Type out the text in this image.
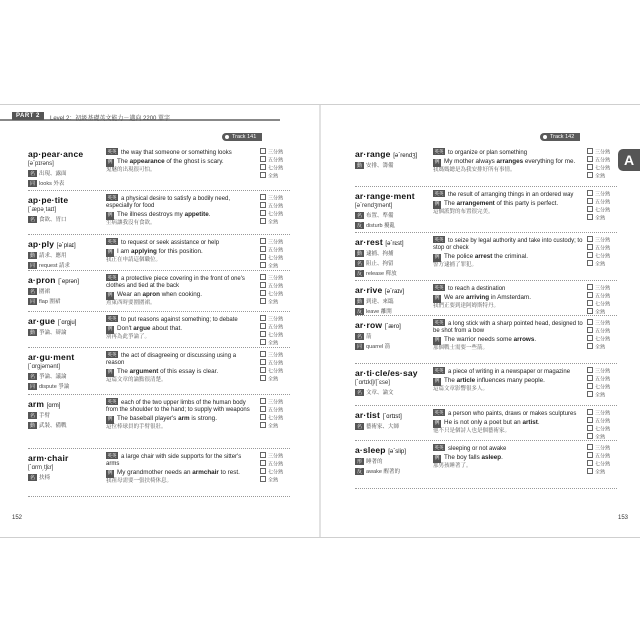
PART 2	Level 2：初級基礎英文能力－邁向 2200 單字
Track 141	Track 142
A
ap·pear·ance
[əˋpɪrəns]
名 出現、露面
同 looks 外表
英英 the way that someone or something looks
例 The appearance of the ghost is scary.
鬼魅的出現很可怕。
三分熟
五分熟
七分熟
全熟
ap·pe·tite
[ˋæpə͵taɪt]
名 食欲、胃口
英英 a physical desire to satisfy a bodily need, especially for food
例 The illness destroys my appetite.
生病讓我沒有食欲。
三分熟
五分熟
七分熟
全熟
ap·ply [əˋplaɪ]
動 請求、應用
同 request 請求
英英 to request or seek assistance or help
例 I am applying for this position.
我正在申請這個職位。
三分熟
五分熟
七分熟
全熟
a·pron [ˋeprən]
名 圍裙
同 flap 圍裙
英英 a protective piece covering in the front of one's clothes and tied at the back
例 Wear an apron when cooking.
煮東西時要圍圍裙。
三分熟
五分熟
七分熟
全熟
ar·gue [ˋɑrgju]
動 爭論、辯論
英英 to put reasons against something; to debate
例 Don't argue about that.
別再為此爭論了。
三分熟
五分熟
七分熟
全熟
ar·gu·ment
[ˋɑrgjəmənt]
名 爭論、議論
同 dispute 爭論
英英 the act of disagreeing or discussing using a reason
例 The argument of this essay is clear.
這篇文章的論點很清楚。
三分熟
五分熟
七分熟
全熟
arm [ɑrm]
名 手臂
動 武裝、備戰
英英 each of the two upper limbs of the human body from the shoulder to the hand; to supply with weapons
例 The baseball player's arm is strong.
這位棒球員的手臂很壯。
三分熟
五分熟
七分熟
全熟
arm·chair
[ˋɑrm͵tʃɛr]
名 扶椅
英英 a large chair with side supports for the sitter's arms
例 My grandmother needs an armchair to rest.
我祖母需要一張扶椅休息。
三分熟
五分熟
七分熟
全熟
ar·range [əˋrendʒ]
動 安排、籌備
英英 to organize or plan something
例 My mother always arranges everything for me.
我媽媽總是為我安排好所有事情。
三分熟
五分熟
七分熟
全熟
ar·range·ment
[əˋrendʒmənt]
名 布置、準備
反 disturb 擾亂
英英 the result of arranging things in an ordered way
例 The arrangement of this party is perfect.
這個派對的布置很完美。
三分熟
五分熟
七分熟
全熟
ar·rest [əˋrɛst]
動 逮捕、拘捕
名 阻止、拘留
反 release 釋放
英英 to seize by legal authority and take into custody; to stop or check
例 The police arrest the criminal.
警方逮捕了罪犯。
三分熟
五分熟
七分熟
全熟
ar·rive [əˋraɪv]
動 到達、來臨
反 leave 離開
英英 to reach a destination
例 We are arriving in Amsterdam.
我們正要到達阿姆斯特丹。
三分熟
五分熟
七分熟
全熟
ar·row [ˋæro]
名 箭
同 quarrel 箭
英英 a long stick with a sharp pointed head, designed to be shot from a bow
例 The warrior needs some arrows.
那個戰士需要一些箭。
三分熟
五分熟
七分熟
全熟
ar·ti·cle/es·say
[ˋɑrtɪkḷ]/[ˋɛse]
名 文章、論文
英英 a piece of writing in a newspaper or magazine
例 The article influences many people.
這篇文章影響很多人。
三分熟
五分熟
七分熟
全熟
ar·tist [ˋɑrtɪst]
名 藝術家、大師
英英 a person who paints, draws or makes sculptures
例 He is not only a poet but an artist.
他不只是個詩人也是個藝術家。
三分熟
五分熟
七分熟
全熟
a·sleep [əˋslip]
形 睡著的
反 awake 醒著的
英英 sleeping or not awake
例 The boy falls asleep.
那男孩睡著了。
三分熟
五分熟
七分熟
全熟
152	153
